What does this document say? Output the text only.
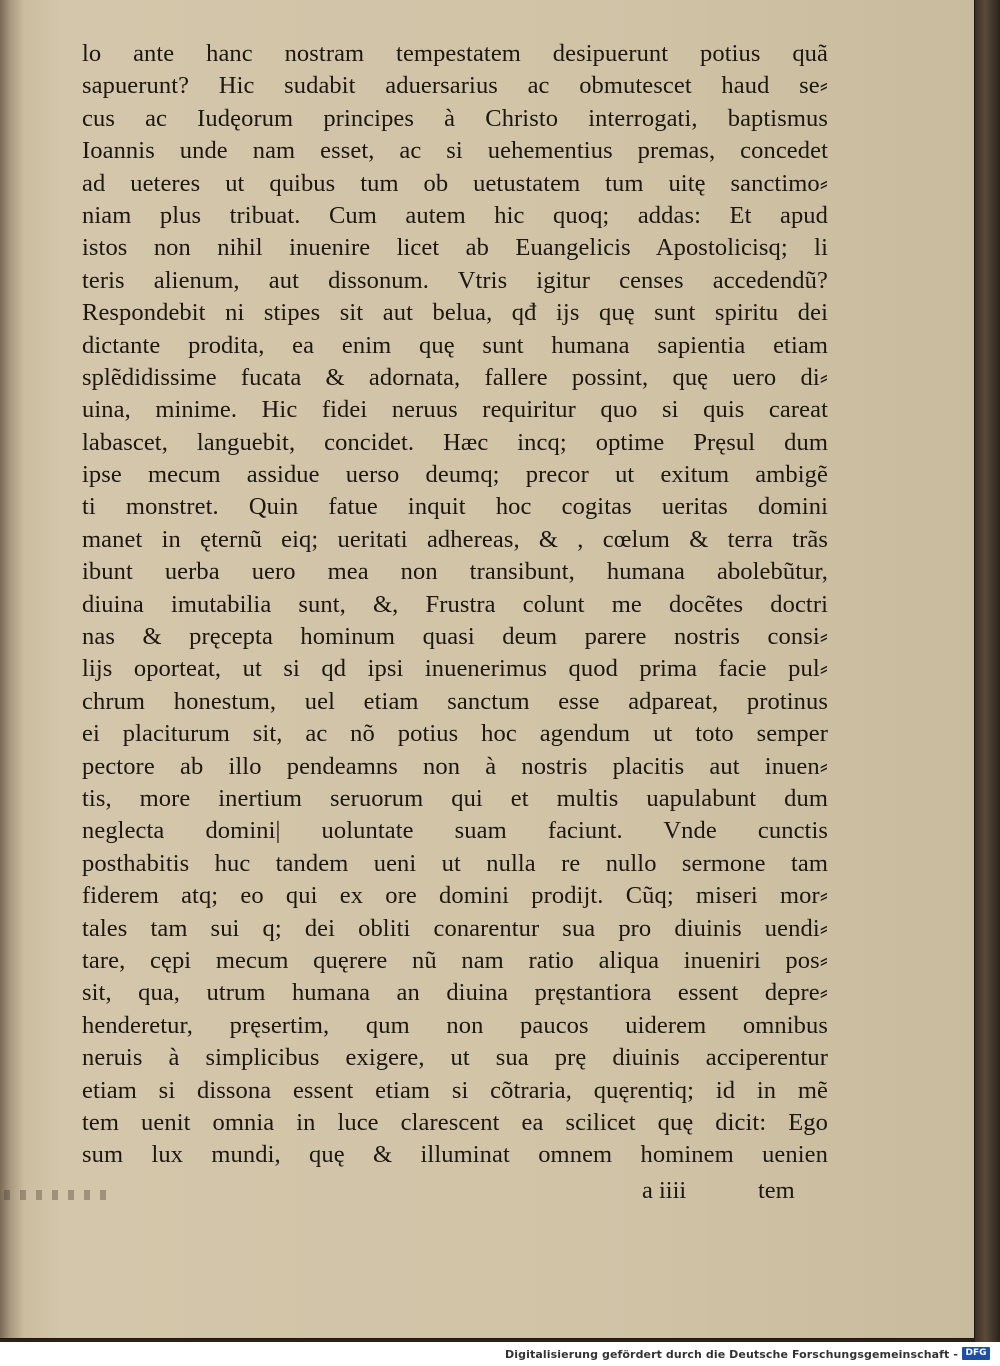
lo ante hanc nostram tempestatem desipuerunt potius quã
sapuerunt? Hic sudabit aduersarius ac obmutescet haud se⸗
cus ac Iudęorum principes à Christo interrogati, baptismus
Ioannis unde nam esset, ac si uehementius premas, concedet
ad ueteres ut quibus tum ob uetustatem tum uitę sanctimo⸗
niam plus tribuat. Cum autem hic quoq; addas: Et apud
istos non nihil inuenire licet ab Euangelicis Apostolicisq; li
teris alienum, aut dissonum. Vtris igitur censes accedendũ?
Respondebit ni stipes sit aut belua, qđ ijs quę sunt spiritu dei
dictante prodita, ea enim quę sunt humana sapientia etiam
splẽdidissime fucata & adornata, fallere possint, quę uero di⸗
uina, minime. Hic fidei neruus requiritur quo si quis careat
labascet, languebit, concidet. Hæc incq; optime Pręsul dum
ipse mecum assidue uerso deumq; precor ut exitum ambigẽ
ti monstret. Quin fatue inquit hoc cogitas ueritas domini
manet in ęternũ eiq; ueritati adhereas, & , cœlum & terra trãs
ibunt uerba uero mea non transibunt, humana abolebũtur,
diuina imutabilia sunt, &, Frustra colunt me docẽtes doctri
nas & pręcepta hominum quasi deum parere nostris consi⸗
lijs oporteat, ut si qd ipsi inuenerimus quod prima facie pul⸗
chrum honestum, uel etiam sanctum esse adpareat, protinus
ei placiturum sit, ac nõ potius hoc agendum ut toto semper
pectore ab illo pendeamns non à nostris placitis aut inuen⸗
tis, more inertium seruorum qui et multis uapulabunt dum
neglecta domini| uoluntate suam faciunt. Vnde cunctis
posthabitis huc tandem ueni ut nulla re nullo sermone tam
fiderem atq; eo qui ex ore domini prodijt. Cũq; miseri mor⸗
tales tam sui q; dei obliti conarentur sua pro diuinis uendi⸗
tare, cępi mecum quęrere nũ nam ratio aliqua inueniri pos⸗
sit, qua, utrum humana an diuina pręstantiora essent depre⸗
henderetur, pręsertim, qum non paucos uiderem omnibus
neruis à simplicibus exigere, ut sua prę diuinis acciperentur
etiam si dissona essent etiam si cõtraria, quęrentiq; id in mẽ
tem uenit omnia in luce clarescent ea scilicet quę dicit: Ego
sum lux mundi, quę & illuminat omnem hominem uenien
a iiii	tem
Digitalisierung gefördert durch die Deutsche Forschungsgemeinschaft - DFG
